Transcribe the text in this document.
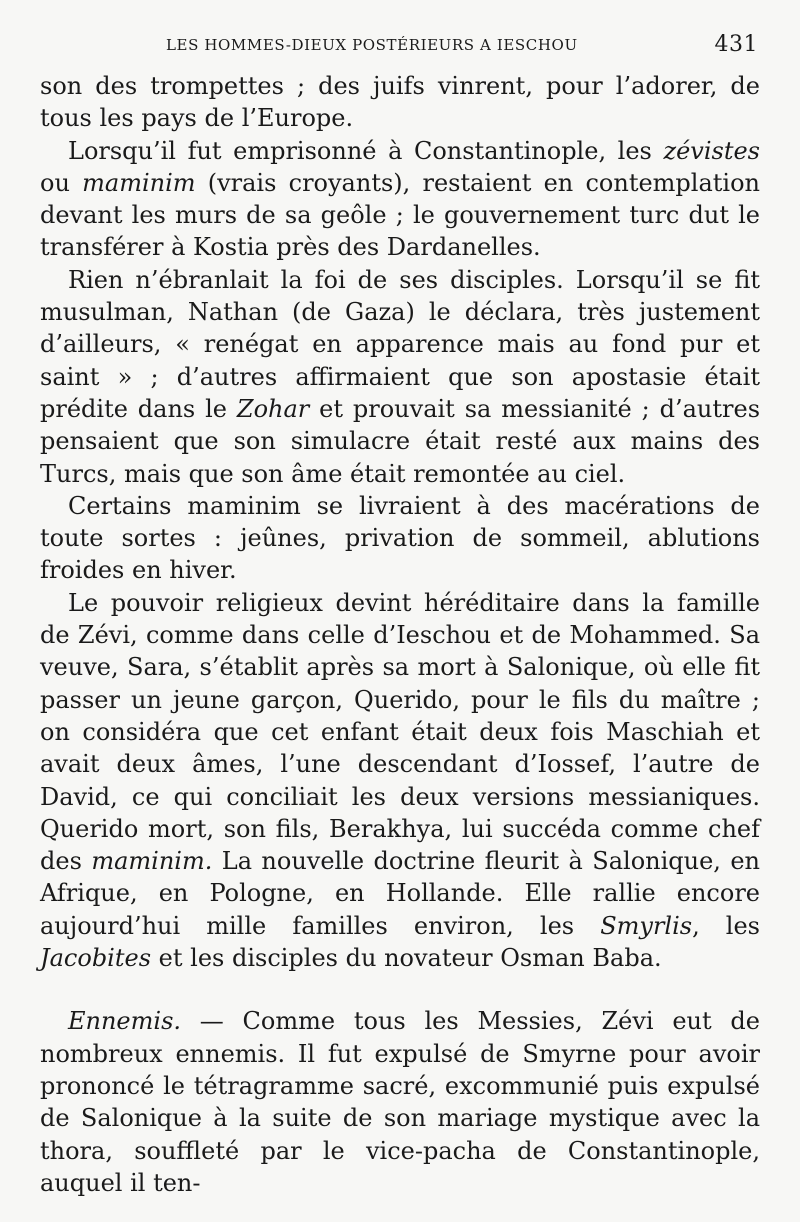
LES HOMMES-DIEUX POSTÉRIEURS A IESCHOU	431

son des trompettes ; des juifs vinrent, pour l’adorer, de tous les pays de l’Europe.

Lorsqu’il fut emprisonné à Constantinople, les zévistes ou maminim (vrais croyants), restaient en contemplation devant les murs de sa geôle ; le gouvernement turc dut le transférer à Kostia près des Dardanelles.

Rien n’ébranlait la foi de ses disciples. Lorsqu’il se fit musulman, Nathan (de Gaza) le déclara, très justement d’ailleurs, « renégat en apparence mais au fond pur et saint » ; d’autres affirmaient que son apostasie était prédite dans le Zohar et prouvait sa messianité ; d’autres pensaient que son simulacre était resté aux mains des Turcs, mais que son âme était remontée au ciel.

Certains maminim se livraient à des macérations de toute sortes : jeûnes, privation de sommeil, ablutions froides en hiver.

Le pouvoir religieux devint héréditaire dans la famille de Zévi, comme dans celle d’Ieschou et de Mohammed. Sa veuve, Sara, s’établit après sa mort à Salonique, où elle fit passer un jeune garçon, Querido, pour le fils du maître ; on considéra que cet enfant était deux fois Maschiah et avait deux âmes, l’une descendant d’Iossef, l’autre de David, ce qui conciliait les deux versions messianiques. Querido mort, son fils, Berakhya, lui succéda comme chef des maminim. La nouvelle doctrine fleurit à Salonique, en Afrique, en Pologne, en Hollande. Elle rallie encore aujourd’hui mille familles environ, les Smyrlis, les Jacobites et les disciples du novateur Osman Baba.

Ennemis. — Comme tous les Messies, Zévi eut de nombreux ennemis. Il fut expulsé de Smyrne pour avoir prononcé le tétragramme sacré, excommunié puis expulsé de Salonique à la suite de son mariage mystique avec la thora, souffleté par le vice-pacha de Constantinople, auquel il ten-
